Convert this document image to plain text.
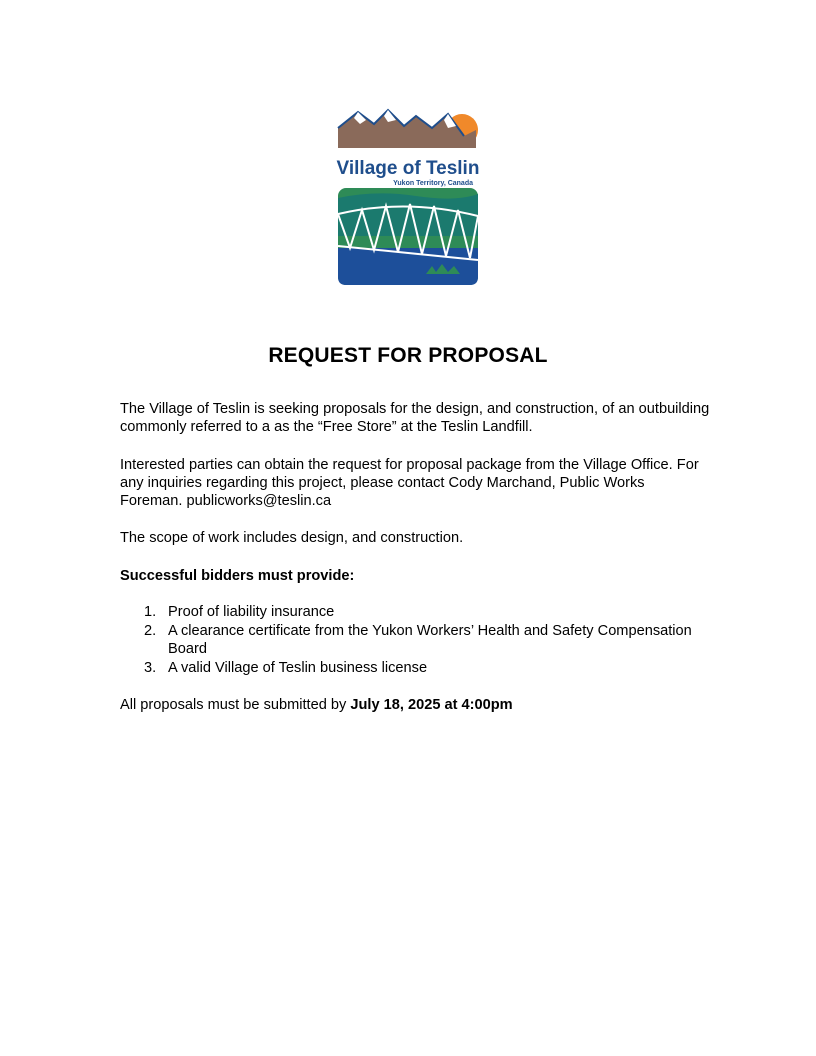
Village of Teslin
Yukon Territory, Canada
REQUEST FOR PROPOSAL

The Village of Teslin is seeking proposals for the design, and construction, of an outbuilding commonly referred to a as the “Free Store” at the Teslin Landfill.

Interested parties can obtain the request for proposal package from the Village Office. For any inquiries regarding this project, please contact Cody Marchand, Public Works Foreman. publicworks@teslin.ca

The scope of work includes design, and construction.

Successful bidders must provide:

1. Proof of liability insurance
2. A clearance certificate from the Yukon Workers’ Health and Safety Compensation Board
3. A valid Village of Teslin business license

All proposals must be submitted by July 18, 2025 at 4:00pm
